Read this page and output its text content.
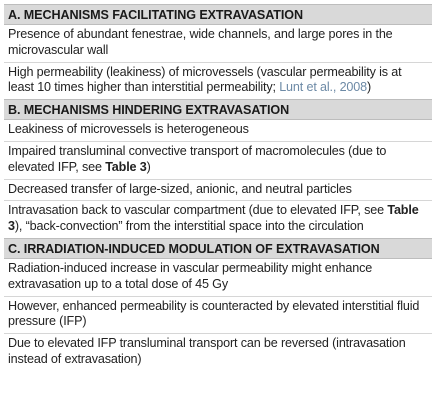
A. MECHANISMS FACILITATING EXTRAVASATION
Presence of abundant fenestrae, wide channels, and large pores in the microvascular wall
High permeability (leakiness) of microvessels (vascular permeability is at least 10 times higher than interstitial permeability; Lunt et al., 2008)
B. MECHANISMS HINDERING EXTRAVASATION
Leakiness of microvessels is heterogeneous
Impaired transluminal convective transport of macromolecules (due to elevated IFP, see Table 3)
Decreased transfer of large-sized, anionic, and neutral particles
Intravasation back to vascular compartment (due to elevated IFP, see Table 3), “back-convection” from the interstitial space into the circulation
C. IRRADIATION-INDUCED MODULATION OF EXTRAVASATION
Radiation-induced increase in vascular permeability might enhance extravasation up to a total dose of 45 Gy
However, enhanced permeability is counteracted by elevated interstitial fluid pressure (IFP)
Due to elevated IFP transluminal transport can be reversed (intravasation instead of extravasation)
